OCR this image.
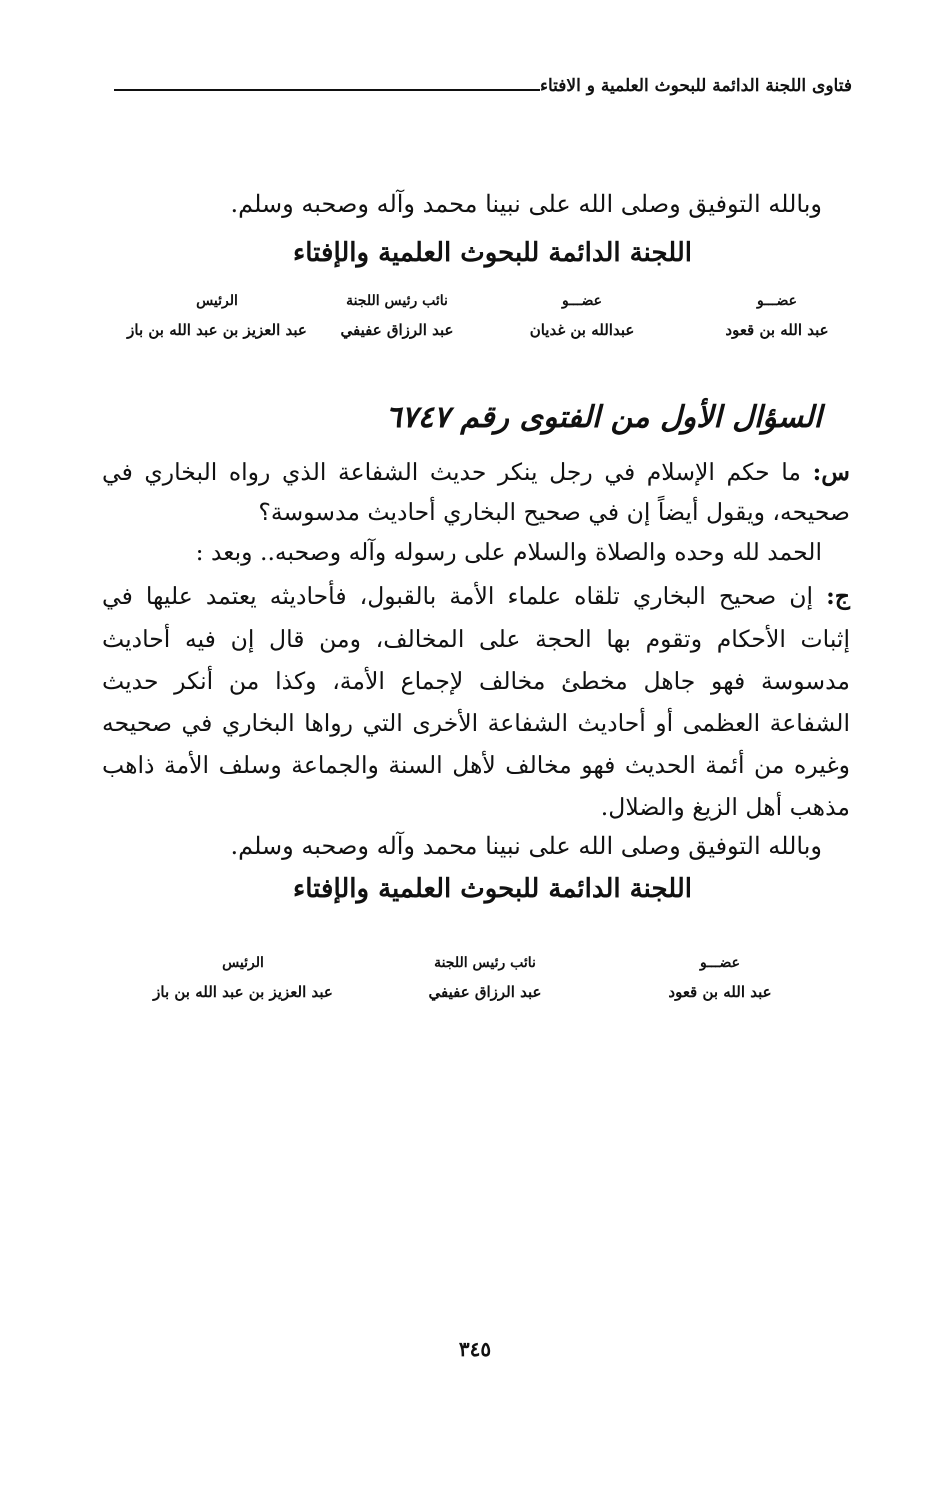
فتاوى اللجنة الدائمة للبحوث العلمية و الافتاء
وبالله التوفيق وصلى الله على نبينا محمد وآله وصحبه وسلم.
اللجنة الدائمة للبحوث العلمية والإفتاء
عضـــو
عبد الله بن قعود
عضـــو
عبدالله بن غديان
نائب رئيس اللجنة
عبد الرزاق عفيفي
الرئيس
عبد العزيز بن عبد الله بن باز
السؤال الأول من الفتوى رقم ٦٧٤٧
س: ما حكم الإسلام في رجل ينكر حديث الشفاعة الذي رواه البخاري في
صحيحه، ويقول أيضاً إن في صحيح البخاري أحاديث مدسوسة؟
الحمد لله وحده والصلاة والسلام على رسوله وآله وصحبه.. وبعد :
ج: إن صحيح البخاري تلقاه علماء الأمة بالقبول، فأحاديثه يعتمد عليها في
إثبات الأحكام وتقوم بها الحجة على المخالف، ومن قال إن فيه أحاديث
مدسوسة فهو جاهل مخطئ مخالف لإجماع الأمة، وكذا من أنكر حديث
الشفاعة العظمى أو أحاديث الشفاعة الأخرى التي رواها البخاري في صحيحه
وغيره من أئمة الحديث فهو مخالف لأهل السنة والجماعة وسلف الأمة ذاهب
مذهب أهل الزيغ والضلال.
وبالله التوفيق وصلى الله على نبينا محمد وآله وصحبه وسلم.
اللجنة الدائمة للبحوث العلمية والإفتاء
عضـــو
عبد الله بن قعود
نائب رئيس اللجنة
عبد الرزاق عفيفي
الرئيس
عبد العزيز بن عبد الله بن باز
٣٤٥
